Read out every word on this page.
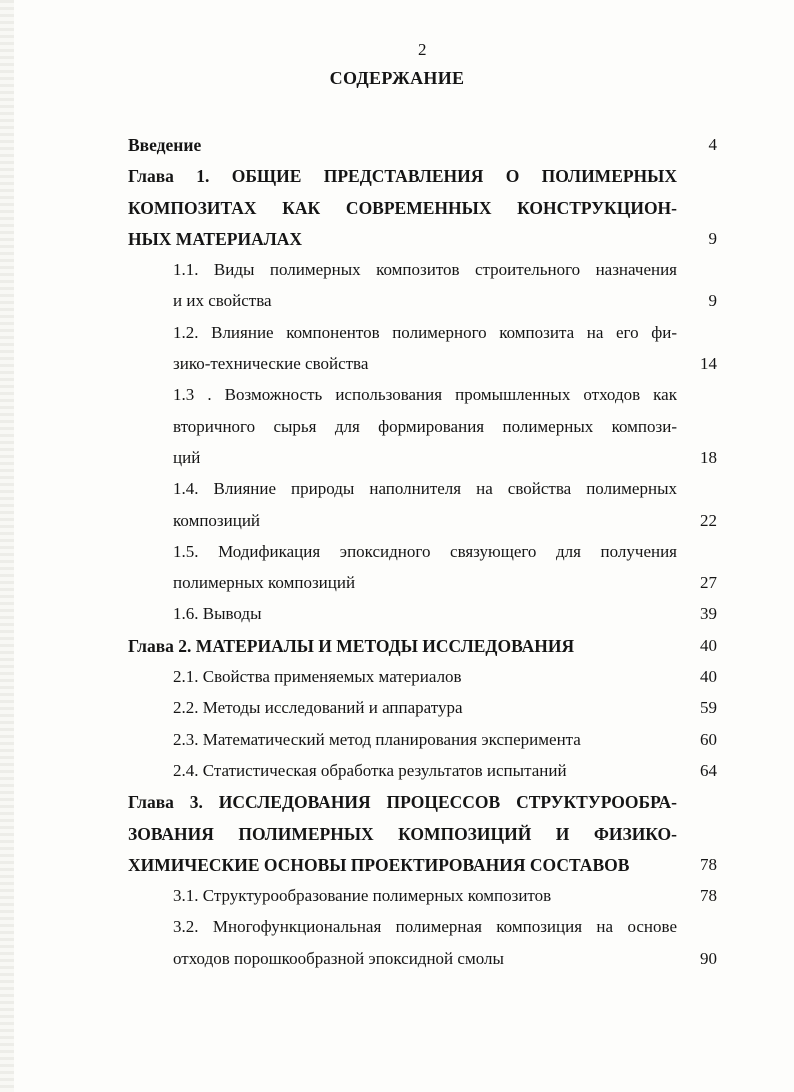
2
СОДЕРЖАНИЕ
Введение	4
Глава 1. ОБЩИЕ ПРЕДСТАВЛЕНИЯ О ПОЛИМЕРНЫХ
КОМПОЗИТАХ КАК СОВРЕМЕННЫХ КОНСТРУКЦИОН-
НЫХ МАТЕРИАЛАХ	9
1.1. Виды полимерных композитов строительного назначения
и их свойства	9
1.2. Влияние компонентов полимерного композита на его фи-
зико-технические свойства	14
1.3 . Возможность использования промышленных отходов как
вторичного сырья для формирования полимерных компози-
ций	18
1.4. Влияние природы наполнителя на свойства полимерных
композиций	22
1.5. Модификация эпоксидного связующего для получения
полимерных композиций	27
1.6. Выводы	39
Глава 2. МАТЕРИАЛЫ И МЕТОДЫ ИССЛЕДОВАНИЯ	40
2.1. Свойства применяемых материалов	40
2.2. Методы исследований и аппаратура	59
2.3. Математический метод планирования эксперимента	60
2.4. Статистическая обработка результатов испытаний	64
Глава 3. ИССЛЕДОВАНИЯ ПРОЦЕССОВ СТРУКТУРООБРА-
ЗОВАНИЯ ПОЛИМЕРНЫХ КОМПОЗИЦИЙ И ФИЗИКО-
ХИМИЧЕСКИЕ ОСНОВЫ ПРОЕКТИРОВАНИЯ СОСТАВОВ	78
3.1. Структурообразование полимерных композитов	78
3.2. Многофункциональная полимерная композиция на основе
отходов порошкообразной эпоксидной смолы	90
